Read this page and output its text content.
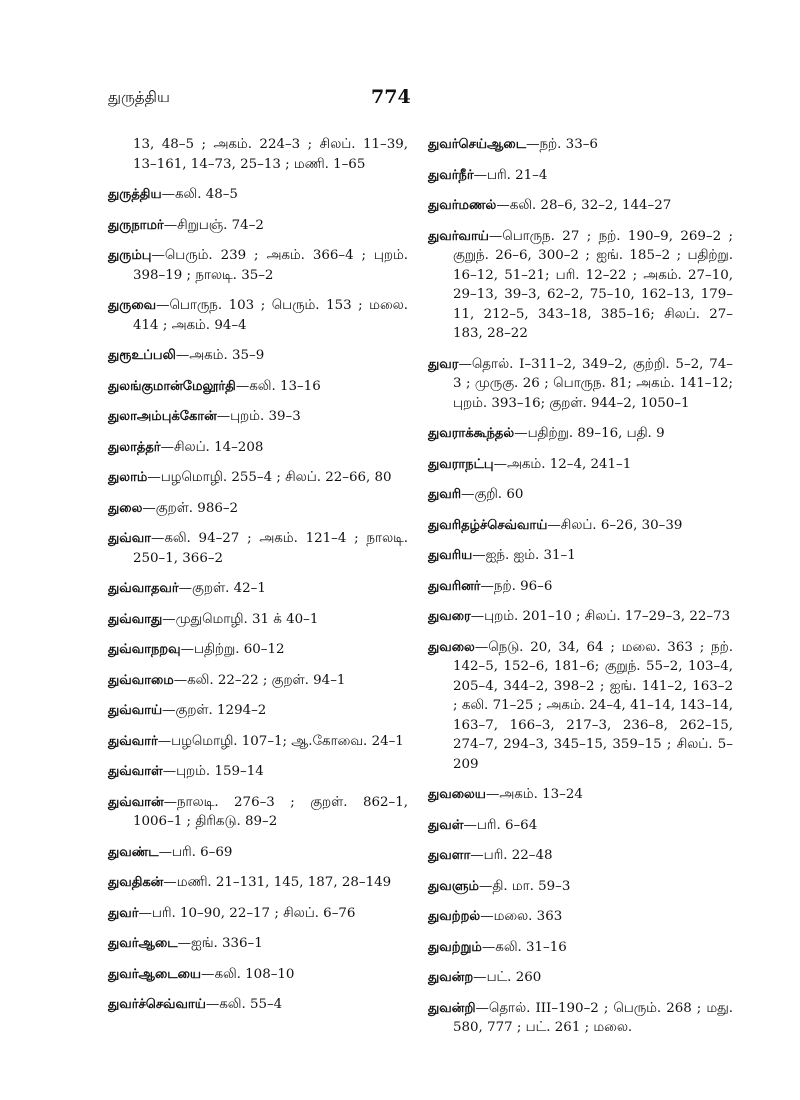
துருத்திய	774
13, 48–5 ; அகம். 224–3 ; சிலப். 11–39, 13–161, 14–73, 25–13 ; மணி. 1–65
துருத்திய—கலி. 48–5
துருநாமர்—சிறுபஞ். 74–2
துரும்பு—பெரும். 239 ; அகம். 366–4 ; புறம். 398–19 ; நாலடி. 35–2
துருவை—பொருந. 103 ; பெரும். 153 ; மலை. 414 ; அகம். 94–4
துரூஉப்பலி—அகம். 35–9
துலங்குமான்மேலூர்தி—கலி. 13–16
துலாஅம்புக்கோன்—புறம். 39–3
துலாத்தர்—சிலப். 14–208
துலாம்—பழமொழி. 255–4 ; சிலப். 22–66, 80
துலை—குறள். 986–2
துவ்வா—கலி. 94–27 ; அகம். 121–4 ; நாலடி. 250–1, 366–2
துவ்வாதவர்—குறள். 42–1
துவ்வாது—முதுமொழி. 31 க் 40–1
துவ்வாநறவு—பதிற்று. 60–12
துவ்வாமை—கலி. 22–22 ; குறள். 94–1
துவ்வாய்—குறள். 1294–2
துவ்வார்—பழமொழி. 107–1; ஆ.கோவை. 24–1
துவ்வாள்—புறம். 159–14
துவ்வான்—நாலடி. 276–3 ; குறள். 862–1, 1006–1 ; திரிகடு. 89–2
துவண்ட—பரி. 6–69
துவதிகன்—மணி. 21–131, 145, 187, 28–149
துவர்—பரி. 10–90, 22–17 ; சிலப். 6–76
துவர்ஆடை—ஐங். 336–1
துவர்ஆடையை—கலி. 108–10
துவர்ச்செவ்வாய்—கலி. 55–4
துவர்செய்ஆடை—நற். 33–6
துவர்நீர்—பரி. 21–4
துவர்மணல்—கலி. 28–6, 32–2, 144–27
துவர்வாய்—பொருந. 27 ; நற். 190–9, 269–2 ; குறுந். 26–6, 300–2 ; ஐங். 185–2 ; பதிற்று. 16–12, 51–21; பரி. 12–22 ; அகம். 27–10, 29–13, 39–3, 62–2, 75–10, 162–13, 179–11, 212–5, 343–18, 385–16; சிலப். 27–183, 28–22
துவர—தொல். I–311–2, 349–2, குற்றி. 5–2, 74–3 ; முருகு. 26 ; பொருந. 81; அகம். 141–12; புறம். 393–16; குறள். 944–2, 1050–1
துவராக்கூந்தல்—பதிற்று. 89–16, பதி. 9
துவராநட்பு—அகம். 12–4, 241–1
துவரி—குறி. 60
துவரிதழ்ச்செவ்வாய்—சிலப். 6–26, 30–39
துவரிய—ஐந். ஐம். 31–1
துவரினர்—நற். 96–6
துவரை—புறம். 201–10 ; சிலப். 17–29–3, 22–73
துவலை—நெடு. 20, 34, 64 ; மலை. 363 ; நற். 142–5, 152–6, 181–6; குறுந். 55–2, 103–4, 205–4, 344–2, 398–2 ; ஐங். 141–2, 163–2 ; கலி. 71–25 ; அகம். 24–4, 41–14, 143–14, 163–7, 166–3, 217–3, 236–8, 262–15, 274–7, 294–3, 345–15, 359–15 ; சிலப். 5–209
துவலைய—அகம். 13–24
துவள்—பரி. 6–64
துவளா—பரி. 22–48
துவளும்—தி. மா. 59–3
துவற்றல்—மலை. 363
துவற்றும்—கலி. 31–16
துவன்ற—பட். 260
துவன்றி—தொல். III–190–2 ; பெரும். 268 ; மது. 580, 777 ; பட். 261 ; மலை.
